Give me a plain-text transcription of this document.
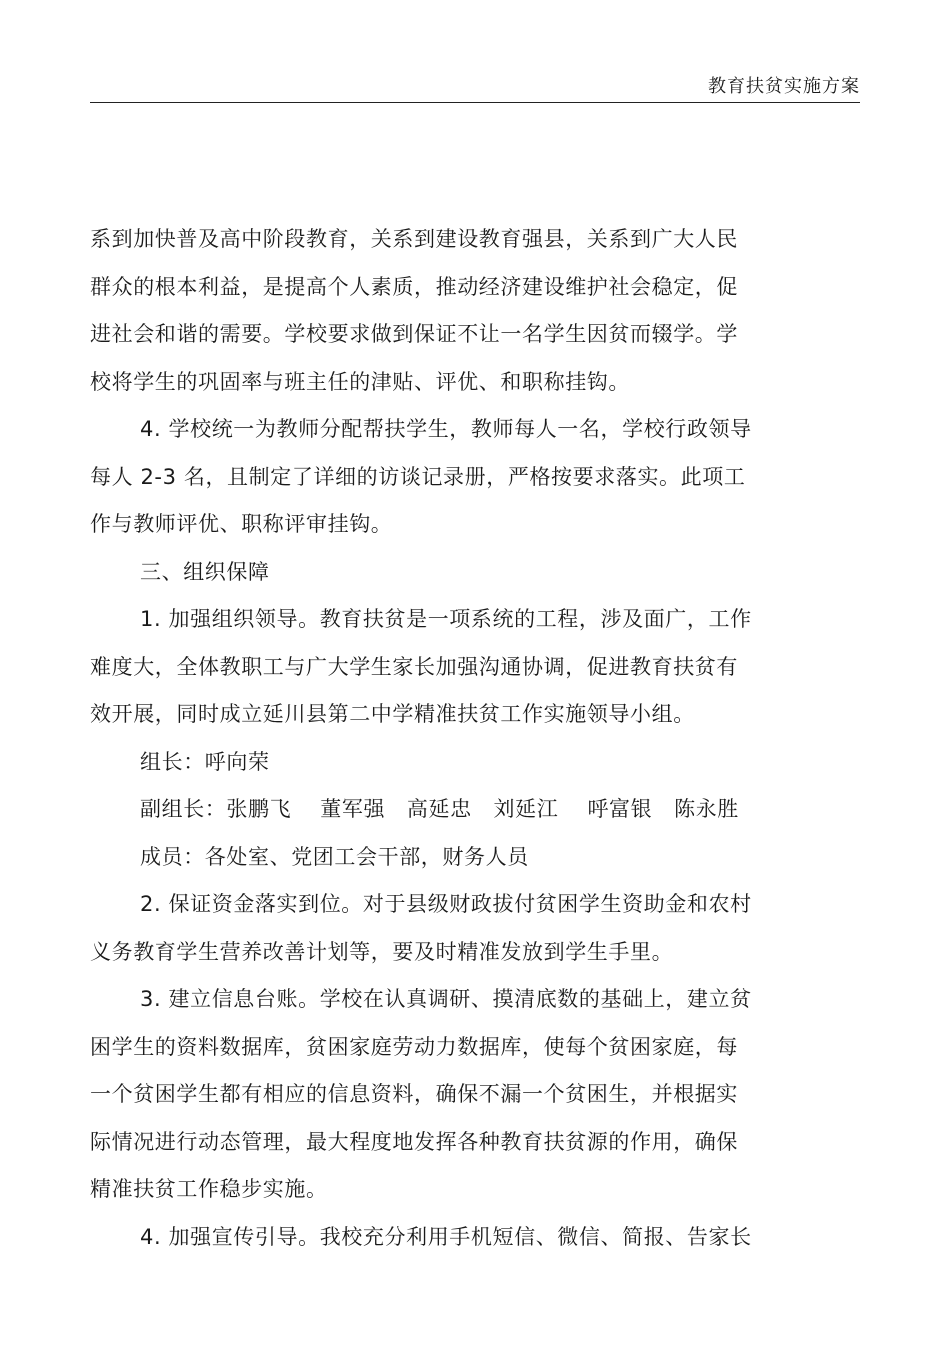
教育扶贫实施方案
系到加快普及高中阶段教育，关系到建设教育强县，关系到广大人民
群众的根本利益，是提高个人素质，推动经济建设维护社会稳定，促
进社会和谐的需要。学校要求做到保证不让一名学生因贫而辍学。学
校将学生的巩固率与班主任的津贴、评优、和职称挂钩。
4. 学校统一为教师分配帮扶学生，教师每人一名，学校行政领导
每人 2-3 名，且制定了详细的访谈记录册，严格按要求落实。此项工
作与教师评优、职称评审挂钩。
三、组织保障
1. 加强组织领导。教育扶贫是一项系统的工程，涉及面广，工作
难度大，全体教职工与广大学生家长加强沟通协调，促进教育扶贫有
效开展，同时成立延川县第二中学精准扶贫工作实施领导小组。
组长：呼向荣
副组长：张鹏飞    董军强   高延忠   刘延江    呼富银   陈永胜
成员：各处室、党团工会干部，财务人员
2. 保证资金落实到位。对于县级财政拔付贫困学生资助金和农村
义务教育学生营养改善计划等，要及时精准发放到学生手里。
3. 建立信息台账。学校在认真调研、摸清底数的基础上，建立贫
困学生的资料数据库，贫困家庭劳动力数据库，使每个贫困家庭，每
一个贫困学生都有相应的信息资料，确保不漏一个贫困生，并根据实
际情况进行动态管理，最大程度地发挥各种教育扶贫源的作用，确保
精准扶贫工作稳步实施。
4. 加强宣传引导。我校充分利用手机短信、微信、简报、告家长
